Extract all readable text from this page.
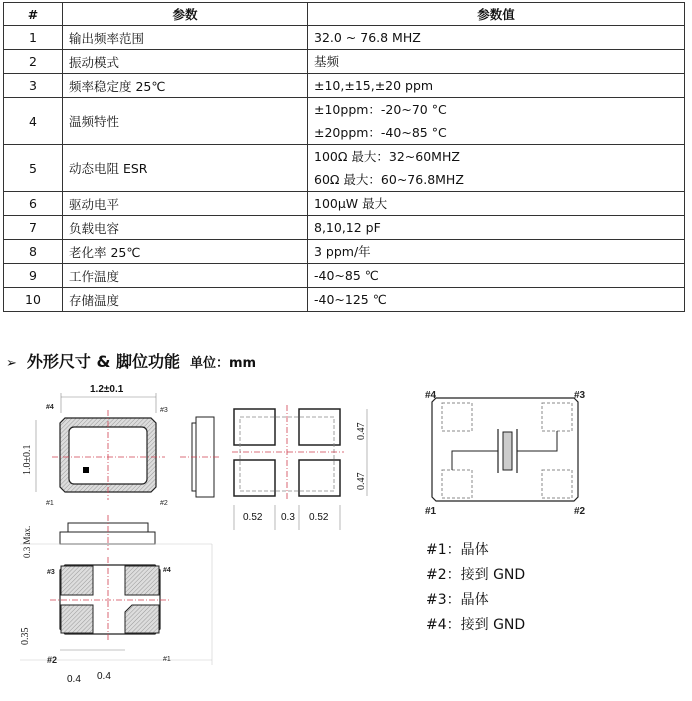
#	参数	参数值
1	输出频率范围	32.0 ~ 76.8 MHZ

2	振动模式	基频

3	频率稳定度 25℃	±10,±15,±20 ppm

4	温频特性	±10ppm：-20~70 °C
±20ppm：-40~85 °C

5	动态电阻 ESR	100Ω 最大：32~60MHZ
60Ω 最大：60~76.8MHZ

6	驱动电平	100μW 最大

7	负载电容	8,10,12 pF

8	老化率 25℃	3 ppm/年

9	工作温度	-40~85 ℃

10	存储温度	-40~125 ℃
➢ 外形尺寸 & 脚位功能 单位：mm
1.2±0.1
1.0±0.1
#4	#3
#1	#2
0.52 0.3 0.52
0.47
0.47
0.3 Max.
0.35
#3	#4
#2	#1
0.4 0.4
#4	#3
#1	#2
#1：晶体
#2：接到 GND
#3：晶体
#4：接到 GND
